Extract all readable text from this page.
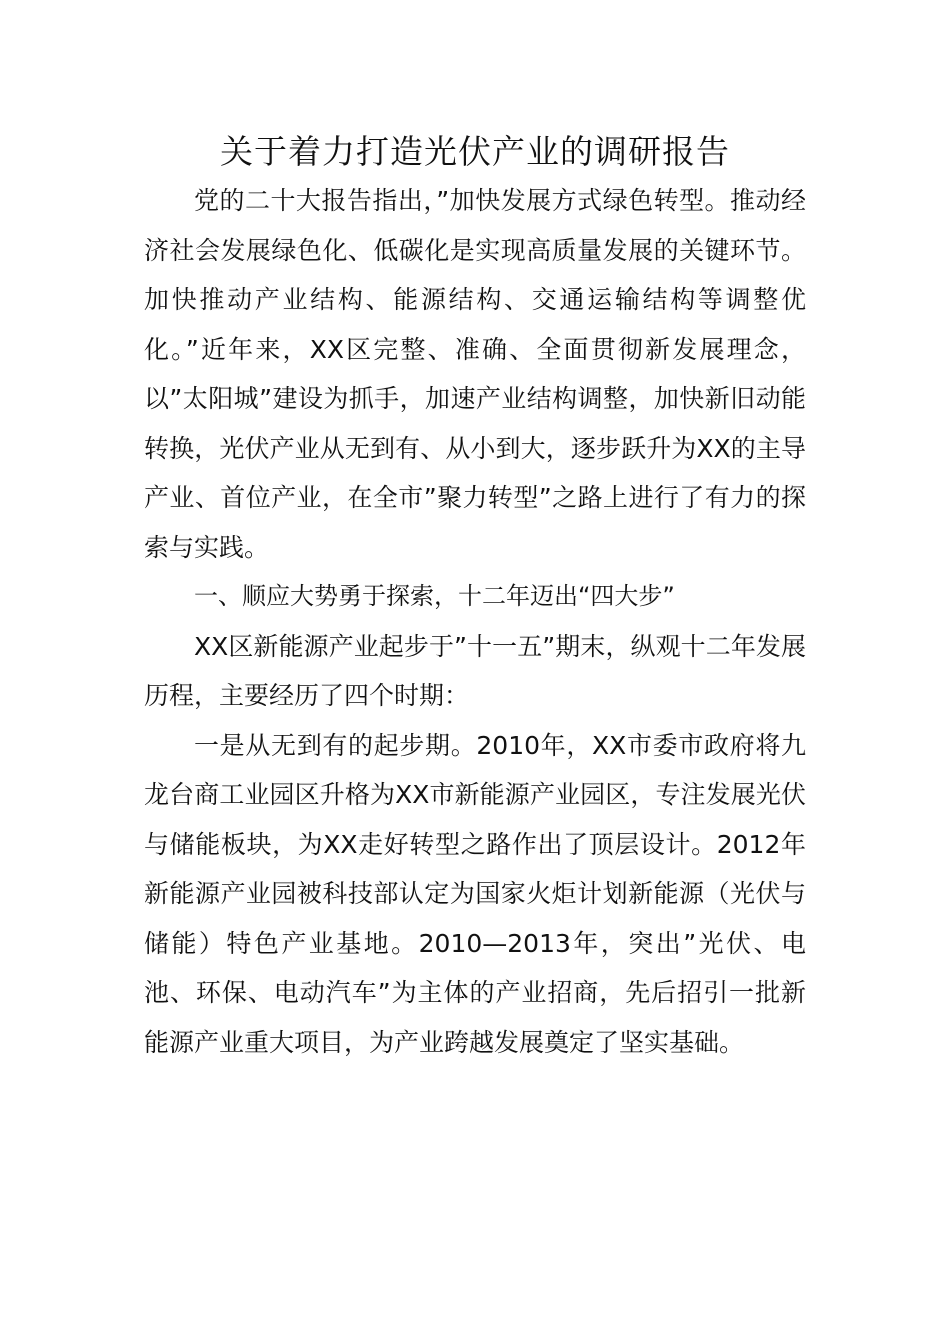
关于着力打造光伏产业的调研报告

党的二十大报告指出，”加快发展方式绿色转型。推动经济社会发展绿色化、低碳化是实现高质量发展的关键环节。加快推动产业结构、能源结构、交通运输结构等调整优化。”近年来，XX区完整、准确、全面贯彻新发展理念，以”太阳城”建设为抓手，加速产业结构调整，加快新旧动能转换，光伏产业从无到有、从小到大，逐步跃升为XX的主导产业、首位产业，在全市”聚力转型”之路上进行了有力的探索与实践。

一、顺应大势勇于探索，十二年迈出“四大步”

XX区新能源产业起步于”十一五”期末，纵观十二年发展历程，主要经历了四个时期：

一是从无到有的起步期。2010年，XX市委市政府将九龙台商工业园区升格为XX市新能源产业园区，专注发展光伏与储能板块，为XX走好转型之路作出了顶层设计。2012年新能源产业园被科技部认定为国家火炬计划新能源（光伏与储能）特色产业基地。2010—2013年，突出”光伏、电池、环保、电动汽车”为主体的产业招商，先后招引一批新能源产业重大项目，为产业跨越发展奠定了坚实基础。
